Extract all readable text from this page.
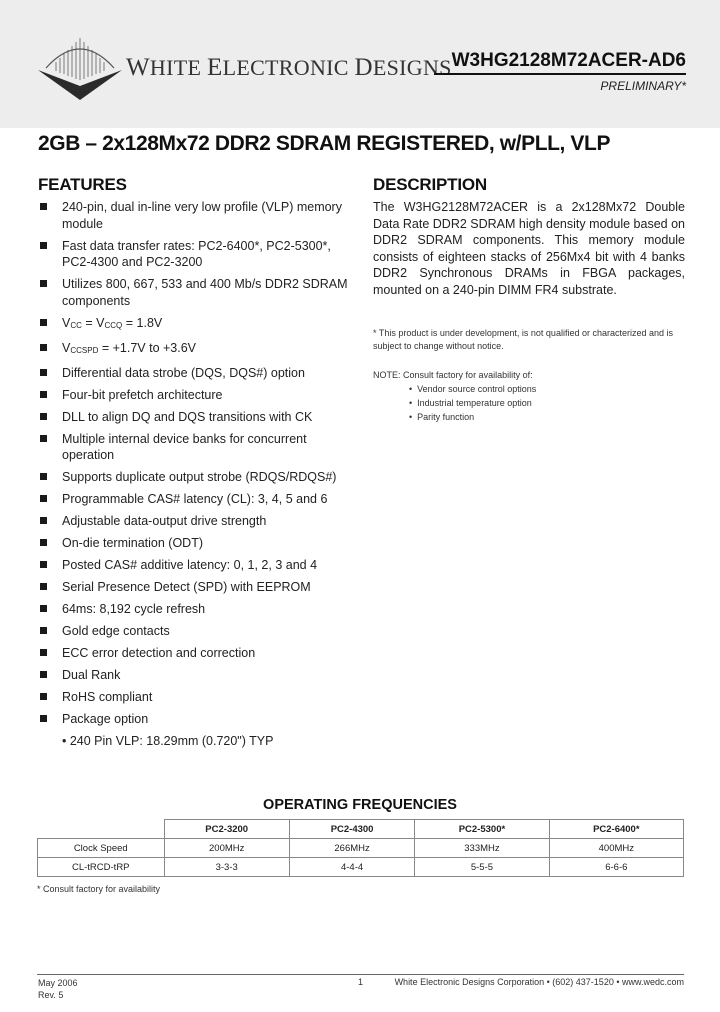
WHITE ELECTRONIC DESIGNS W3HG2128M72ACER-AD6
PRELIMINARY*
2GB – 2x128Mx72 DDR2 SDRAM REGISTERED, w/PLL, VLP
FEATURES	DESCRIPTION
240-pin, dual in-line very low profile (VLP) memory module
Fast data transfer rates: PC2-6400*, PC2-5300*, PC2-4300 and PC2-3200
Utilizes 800, 667, 533 and 400 Mb/s DDR2 SDRAM components
$V_{CC} = V_{CCQ} = 1.8V$
$V_{CCSPD} = +1.7V$ to +3.6V
Differential data strobe (DQS, DQS#) option
Four-bit prefetch architecture
DLL to align DQ and DQS transitions with CK
Multiple internal device banks for concurrent operation
Supports duplicate output strobe (RDQS/RDQS#)
Programmable CAS# latency (CL): 3, 4, 5 and 6
Adjustable data-output drive strength
On-die termination (ODT)
Posted CAS# additive latency: 0, 1, 2, 3 and 4
Serial Presence Detect (SPD) with EEPROM
64ms: 8,192 cycle refresh
Gold edge contacts
ECC error detection and correction
Dual Rank
RoHS compliant
Package option
• 240 Pin VLP: 18.29mm (0.720") TYP
The W3HG2128M72ACER is a 2x128Mx72 Double Data Rate DDR2 SDRAM high density module based on DDR2 SDRAM components. This memory module consists of eighteen stacks of 256Mx4 bit with 4 banks DDR2 Synchronous DRAMs in FBGA packages, mounted on a 240-pin DIMM FR4 substrate.
* This product is under development, is not qualified or characterized and is subject to change without notice.
NOTE: Consult factory for availability of:
• Vendor source control options
• Industrial temperature option
• Parity function
OPERATING FREQUENCIES
	PC2-3200	PC2-4300	PC2-5300*	PC2-6400*
Clock Speed	200MHz	266MHz	333MHz	400MHz
CL-tRCD-tRP	3-3-3	4-4-4	5-5-5	6-6-6
* Consult factory for availability
May 2006
Rev. 5
1	White Electronic Designs Corporation • (602) 437-1520 • www.wedc.com
